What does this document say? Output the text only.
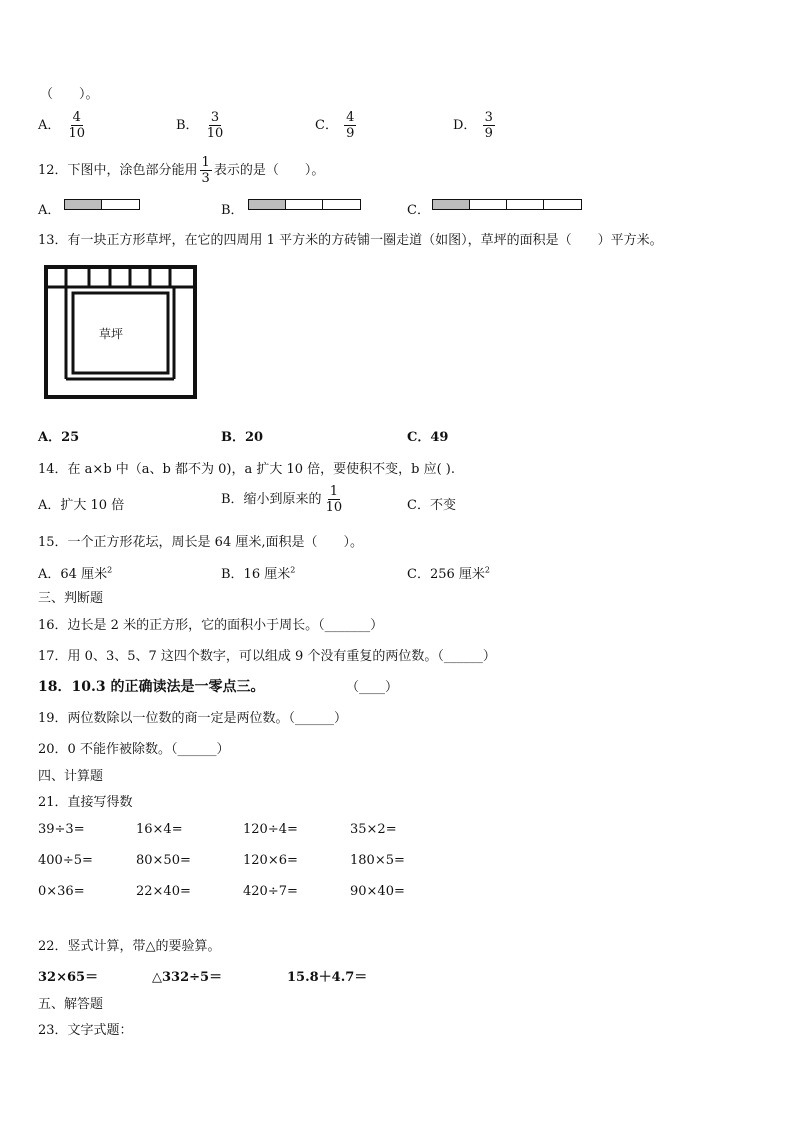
（　　）。
A． $\frac{4}{10}$	B． $\frac{3}{10}$	C． $\frac{4}{9}$	D． $\frac{3}{9}$
12．下图中，涂色部分能用 $\frac{1}{3}$ 表示的是（　　）。
A．	B．	C．
13．有一块正方形草坪，在它的四周用 1 平方米的方砖铺一圈走道（如图），草坪的面积是（　　）平方米。
草坪
A．25	B．20	C．49
14．在 a×b 中（a、b 都不为 0)，a 扩大 10 倍，要使积不变，b 应( ).
A．扩大 10 倍	B．缩小到原来的 $\frac{1}{10}$	C．不变
15．一个正方形花坛，周长是 64 厘米,面积是（　　）。
A．64 厘米$^2$	B．16 厘米$^2$	C．256 厘米$^2$
三、判断题
16．边长是 2 米的正方形，它的面积小于周长。（_______）
17．用 0、3、5、7 这四个数字，可以组成 9 个没有重复的两位数。（______）
18．10.3 的正确读法是一零点三。	（____）
19．两位数除以一位数的商一定是两位数。（______）
20．0 不能作被除数。（______）
四、计算题
21．直接写得数
39÷3=	16×4=	120÷4=	35×2=
400÷5=	80×50=	120×6=	180×5=
0×36=	22×40=	420÷7=	90×40=
22．竖式计算，带△的要验算。
32×65＝	△332÷5＝	15.8＋4.7＝
五、解答题
23．文字式题：
